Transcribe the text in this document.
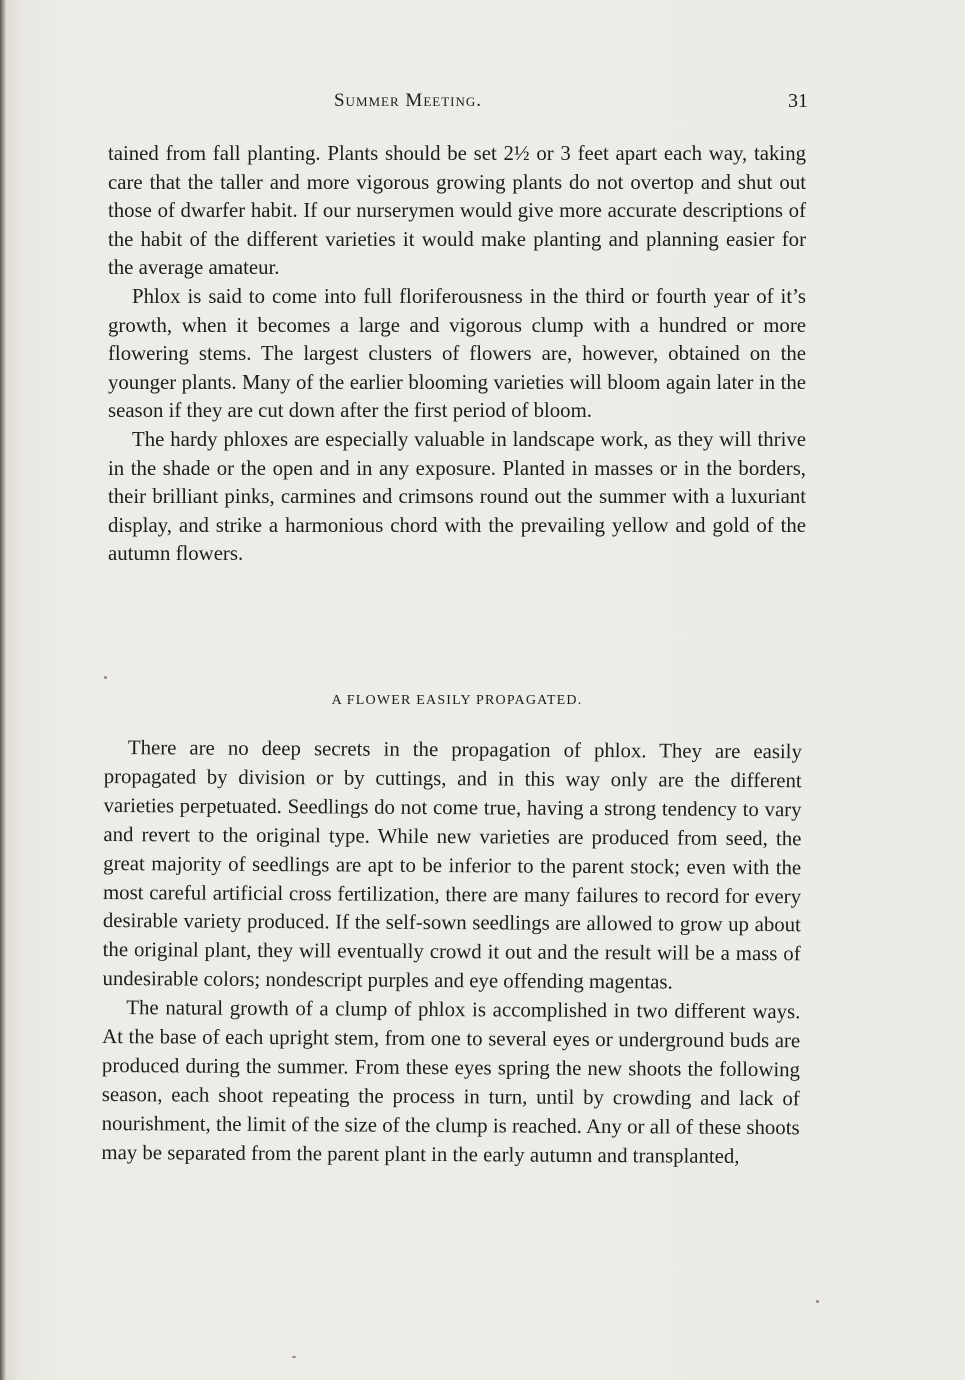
Summer Meeting.	31

tained from fall planting. Plants should be set 2½ or 3 feet apart each way, taking care that the taller and more vigorous growing plants do not overtop and shut out those of dwarfer habit. If our nurserymen would give more accurate descriptions of the habit of the different varieties it would make planting and planning easier for the average amateur.

Phlox is said to come into full floriferousness in the third or fourth year of it’s growth, when it becomes a large and vigorous clump with a hundred or more flowering stems. The largest clusters of flowers are, however, obtained on the younger plants. Many of the earlier blooming varieties will bloom again later in the season if they are cut down after the first period of bloom.

The hardy phloxes are especially valuable in landscape work, as they will thrive in the shade or the open and in any exposure. Planted in masses or in the borders, their brilliant pinks, carmines and crimsons round out the summer with a luxuriant display, and strike a harmonious chord with the prevailing yellow and gold of the autumn flowers.

A FLOWER EASILY PROPAGATED.

There are no deep secrets in the propagation of phlox. They are easily propagated by division or by cuttings, and in this way only are the different varieties perpetuated. Seedlings do not come true, having a strong tendency to vary and revert to the original type. While new varieties are produced from seed, the great majority of seedlings are apt to be inferior to the parent stock; even with the most careful artificial cross fertilization, there are many failures to record for every desirable variety produced. If the self-sown seedlings are allowed to grow up about the original plant, they will eventually crowd it out and the result will be a mass of undesirable colors; nondescript purples and eye offending magentas.

The natural growth of a clump of phlox is accomplished in two different ways. At the base of each upright stem, from one to several eyes or underground buds are produced during the summer. From these eyes spring the new shoots the following season, each shoot repeating the process in turn, until by crowding and lack of nourishment, the limit of the size of the clump is reached. Any or all of these shoots may be separated from the parent plant in the early autumn and transplanted,
